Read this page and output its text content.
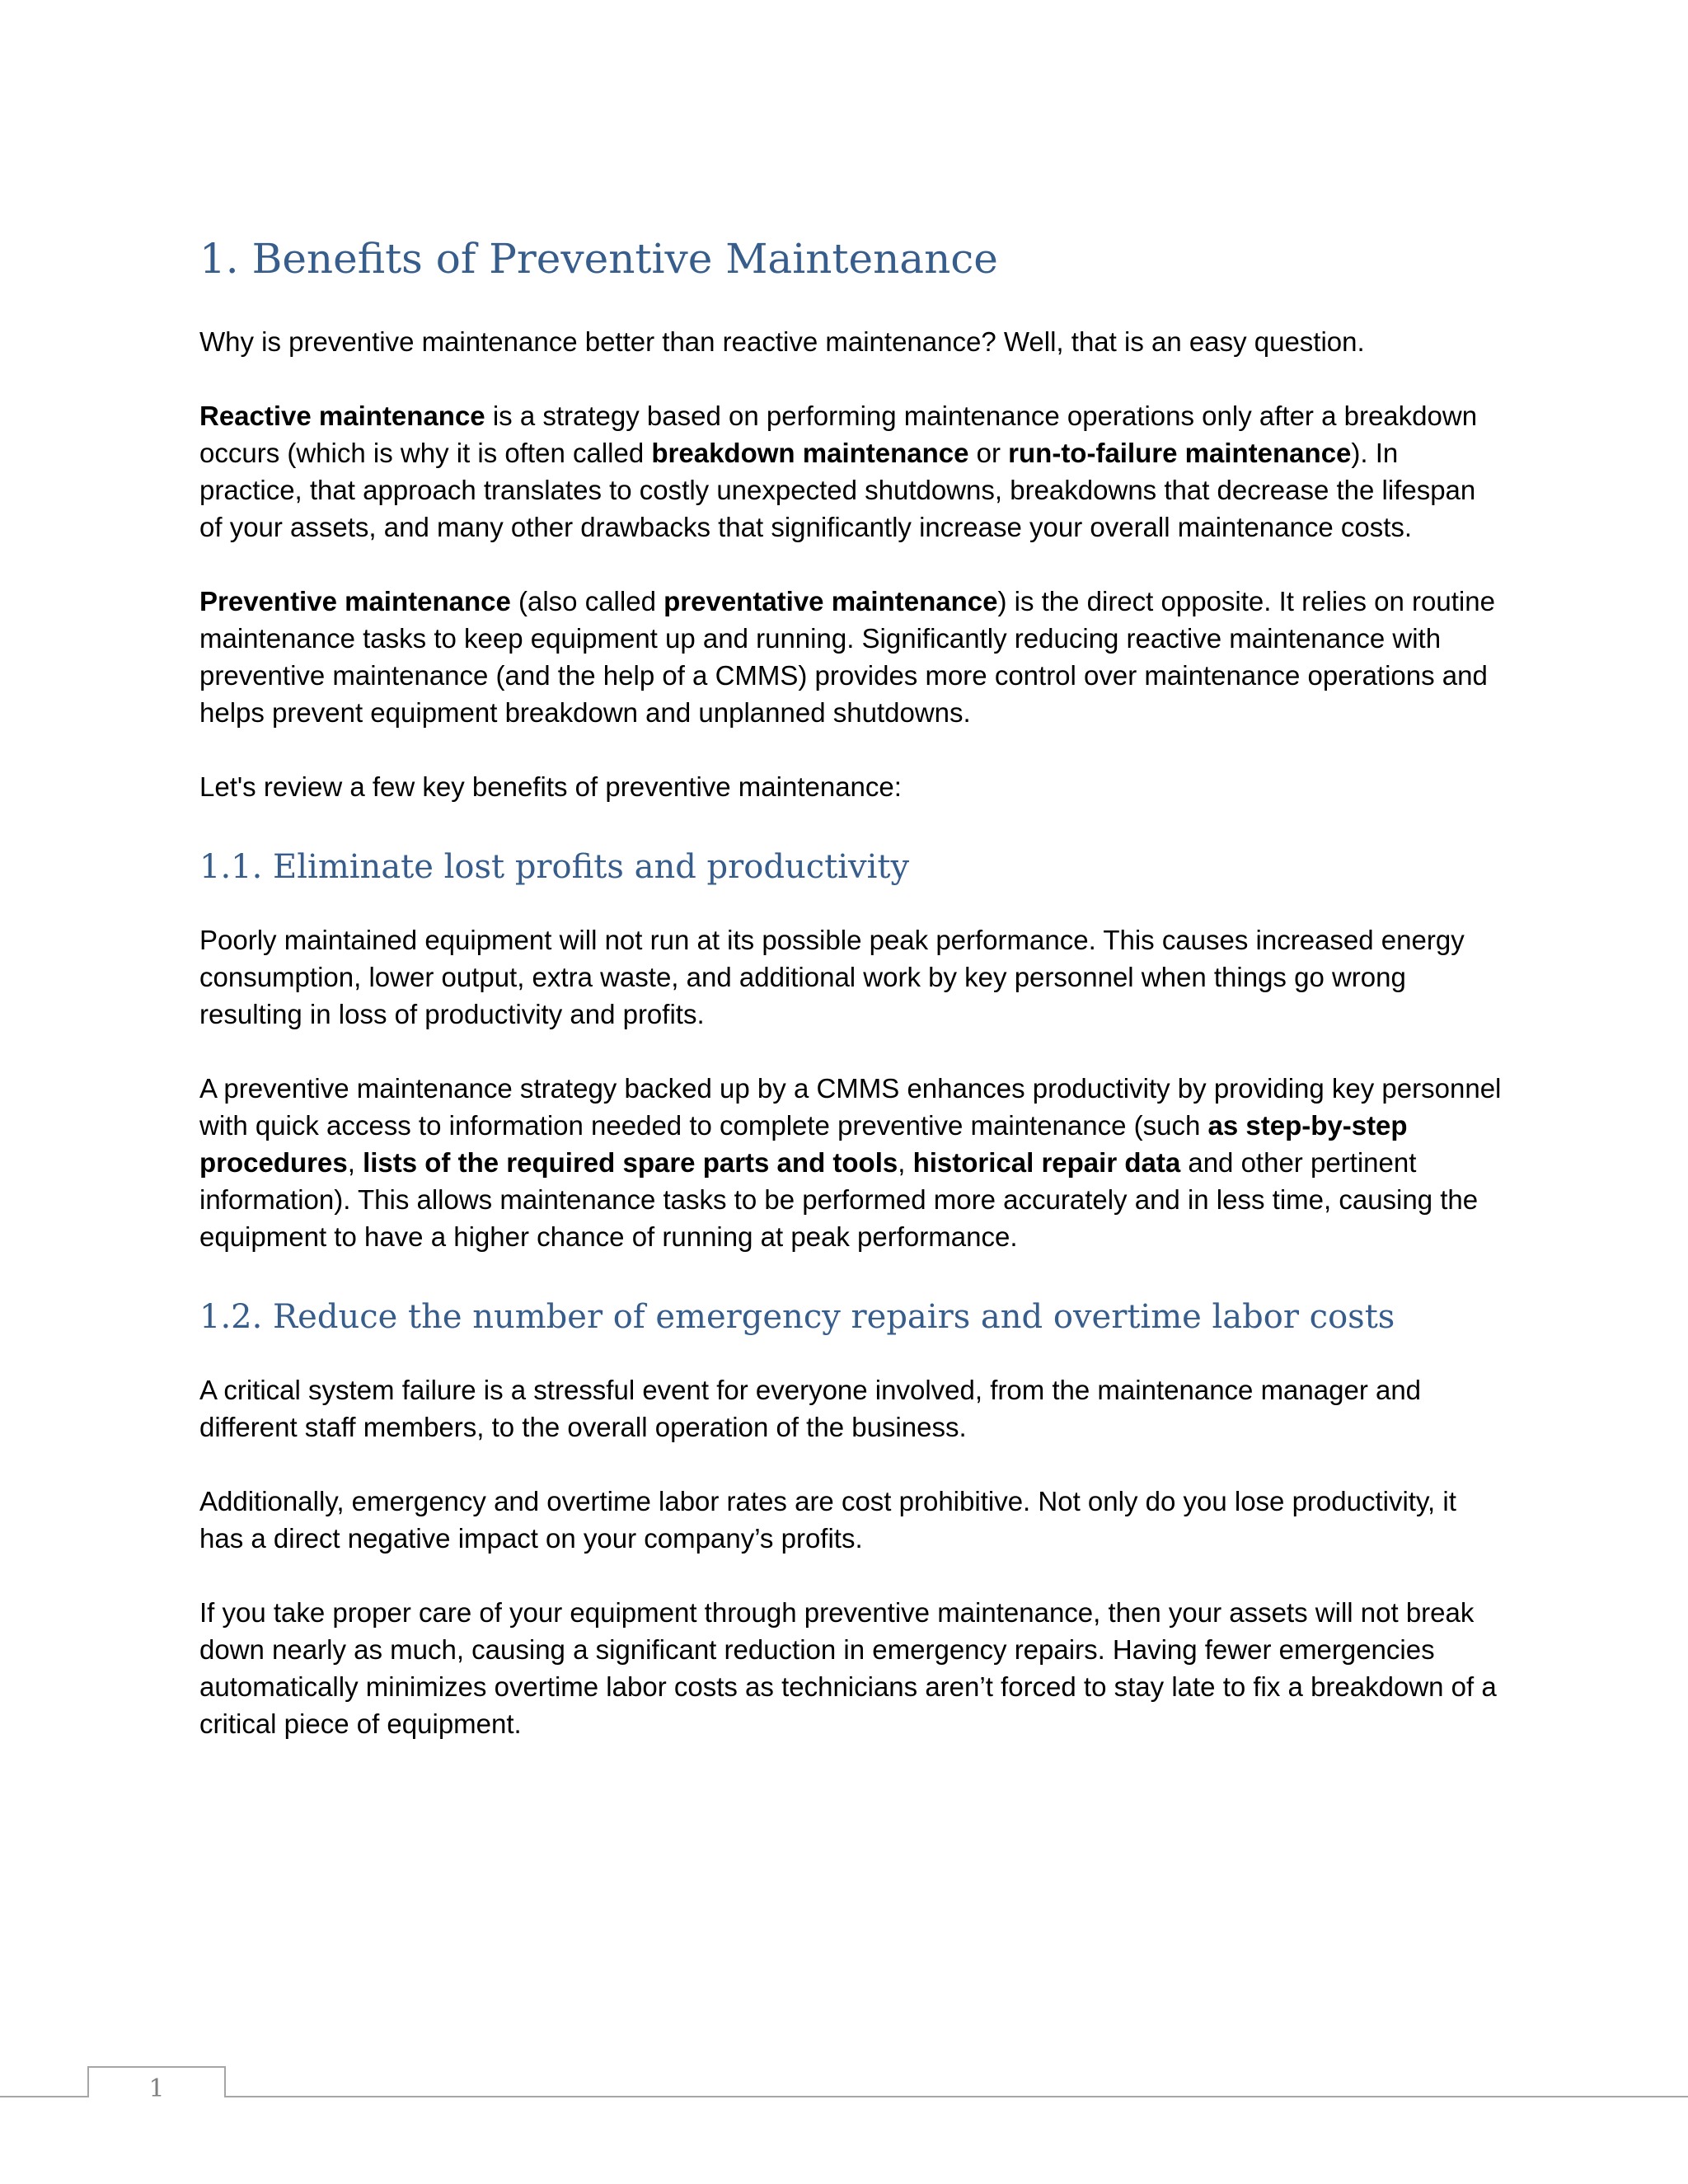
1. Benefits of Preventive Maintenance

Why is preventive maintenance better than reactive maintenance? Well, that is an easy question.

Reactive maintenance is a strategy based on performing maintenance operations only after a breakdown occurs (which is why it is often called breakdown maintenance or run-to-failure maintenance). In practice, that approach translates to costly unexpected shutdowns, breakdowns that decrease the lifespan of your assets, and many other drawbacks that significantly increase your overall maintenance costs.

Preventive maintenance (also called preventative maintenance) is the direct opposite. It relies on routine maintenance tasks to keep equipment up and running. Significantly reducing reactive maintenance with preventive maintenance (and the help of a CMMS) provides more control over maintenance operations and helps prevent equipment breakdown and unplanned shutdowns.

Let's review a few key benefits of preventive maintenance:

1.1. Eliminate lost profits and productivity

Poorly maintained equipment will not run at its possible peak performance. This causes increased energy consumption, lower output, extra waste, and additional work by key personnel when things go wrong resulting in loss of productivity and profits.

A preventive maintenance strategy backed up by a CMMS enhances productivity by providing key personnel with quick access to information needed to complete preventive maintenance (such as step-by-step procedures, lists of the required spare parts and tools, historical repair data and other pertinent information). This allows maintenance tasks to be performed more accurately and in less time, causing the equipment to have a higher chance of running at peak performance.

1.2. Reduce the number of emergency repairs and overtime labor costs

A critical system failure is a stressful event for everyone involved, from the maintenance manager and different staff members, to the overall operation of the business.

Additionally, emergency and overtime labor rates are cost prohibitive. Not only do you lose productivity, it has a direct negative impact on your company’s profits.

If you take proper care of your equipment through preventive maintenance, then your assets will not break down nearly as much, causing a significant reduction in emergency repairs. Having fewer emergencies automatically minimizes overtime labor costs as technicians aren’t forced to stay late to fix a breakdown of a critical piece of equipment.

1
